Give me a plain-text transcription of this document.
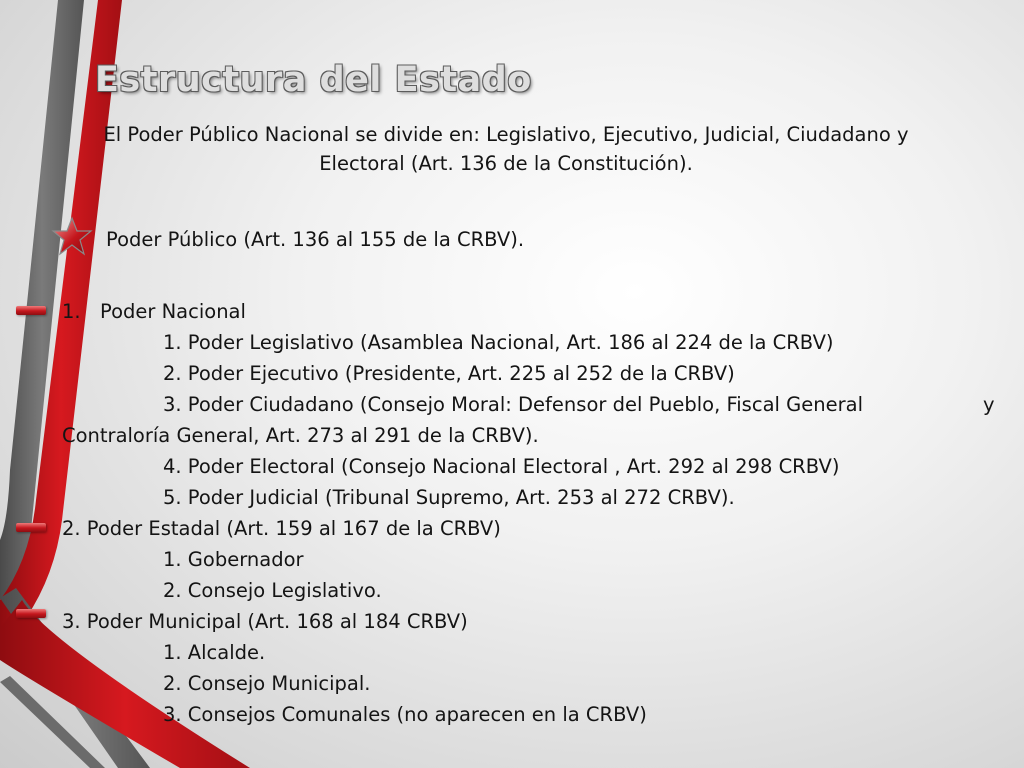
Estructura del Estado

El Poder Público Nacional se divide en: Legislativo, Ejecutivo, Judicial, Ciudadano y
Electoral (Art. 136 de la Constitución).

Poder Público (Art. 136 al 155 de la CRBV).

1. Poder Nacional

1. Poder Legislativo (Asamblea Nacional, Art. 186 al 224 de la CRBV)

2. Poder Ejecutivo (Presidente, Art. 225 al 252 de la CRBV)

3. Poder Ciudadano (Consejo Moral: Defensor del Pueblo, Fiscal General	y

Contraloría General, Art. 273 al 291 de la CRBV).

4. Poder Electoral (Consejo Nacional Electoral , Art. 292 al 298 CRBV)

5. Poder Judicial (Tribunal Supremo, Art. 253 al 272 CRBV).

2. Poder Estadal (Art. 159 al 167 de la CRBV)

1. Gobernador

2. Consejo Legislativo.

3. Poder Municipal (Art. 168 al 184 CRBV)

1. Alcalde.

2. Consejo Municipal.

3. Consejos Comunales (no aparecen en la CRBV)
